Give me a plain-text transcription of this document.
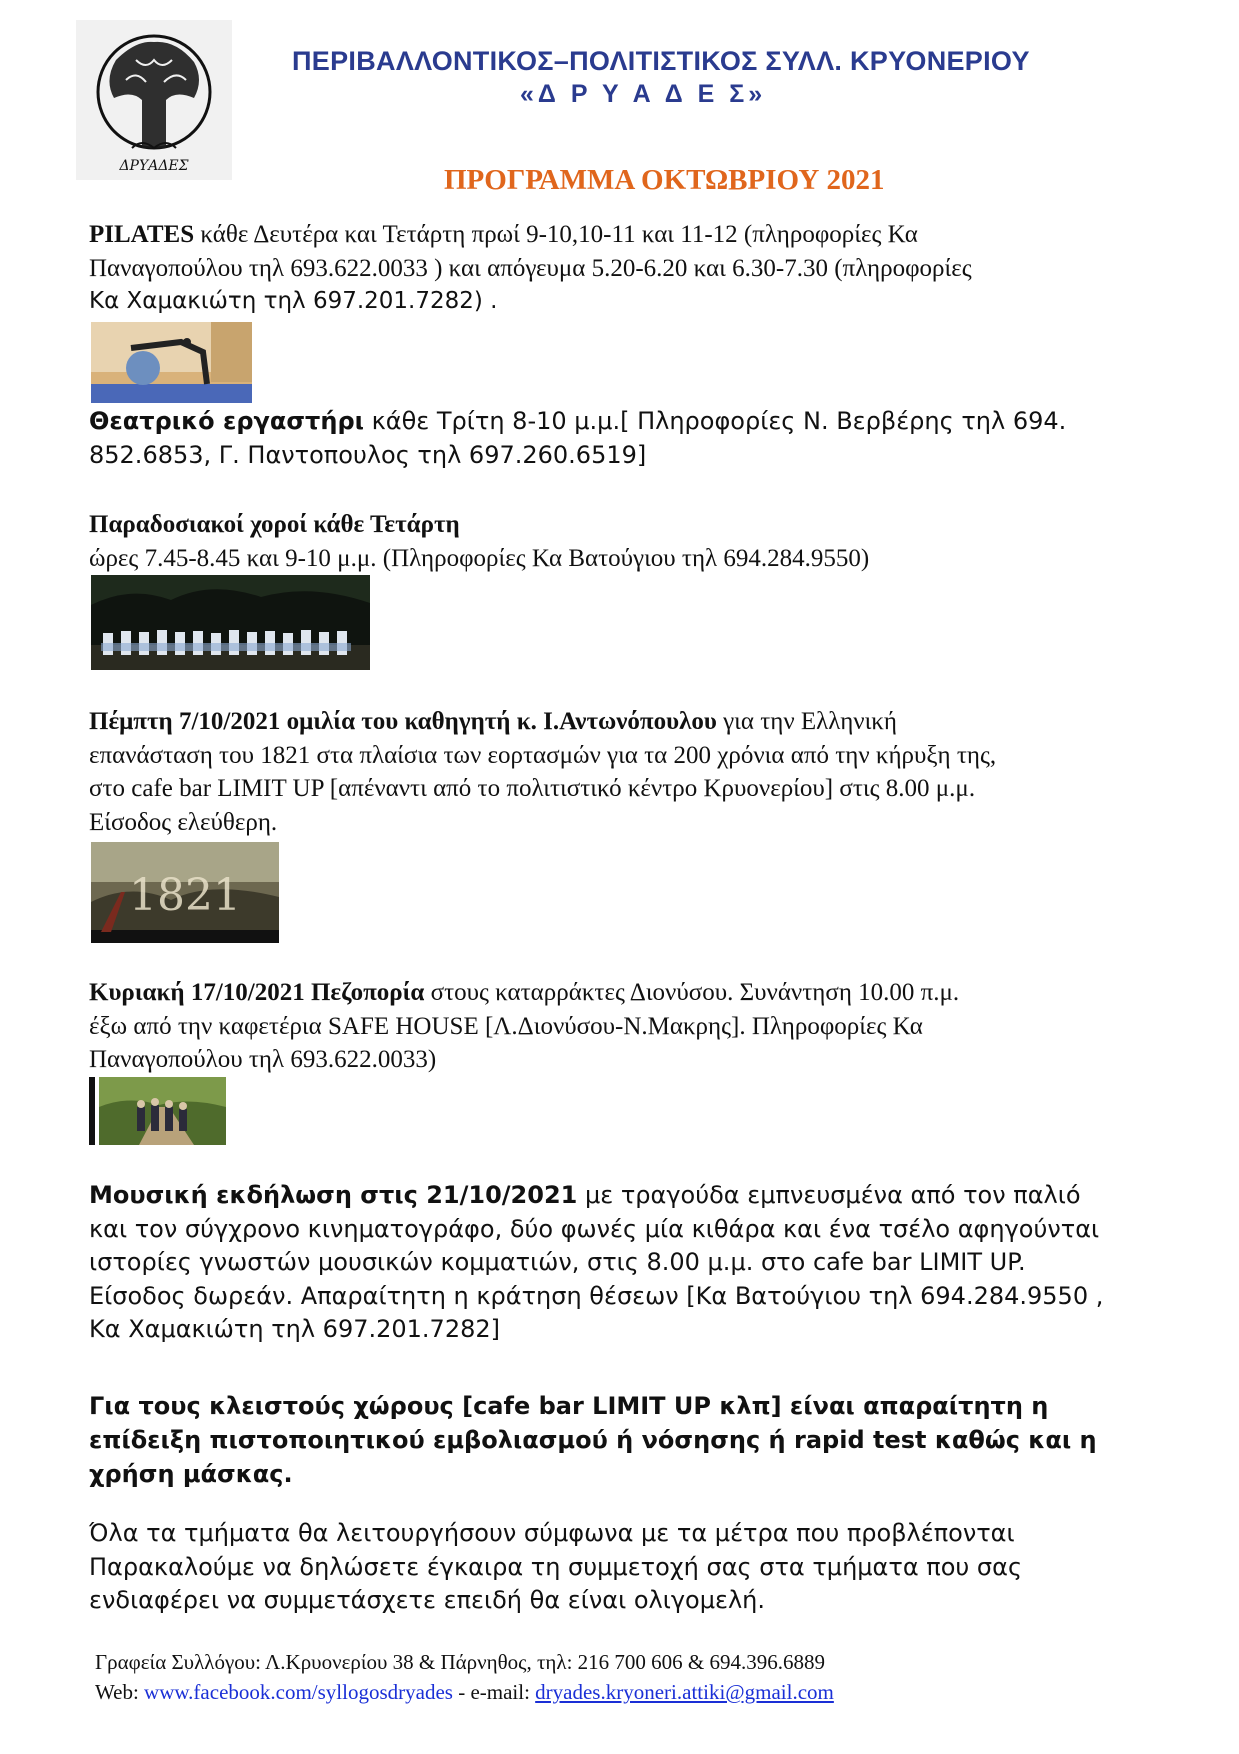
ΔΡΥΑΔΕΣ
ΠΕΡΙΒΑΛΛΟΝΤΙΚΟΣ–ΠΟΛΙΤΙΣΤΙΚΟΣ ΣΥΛΛ. ΚΡΥΟΝΕΡΙΟΥ
«Δ Ρ Υ Α Δ Ε Σ»
ΠΡΟΓΡΑΜΜΑ ΟΚΤΩΒΡΙΟΥ 2021
PILATES κάθε Δευτέρα και Τετάρτη πρωί 9-10,10-11 και 11-12 (πληροφορίες Κα
Παναγοπούλου τηλ 693.622.0033 ) και απόγευμα 5.20-6.20 και 6.30-7.30 (πληροφορίες
Κα Χαμακιώτη τηλ 697.201.7282) .
Θεατρικό εργαστήρι κάθε Τρίτη 8-10 μ.μ.[ Πληροφορίες Ν. Βερβέρης τηλ 694.
852.6853, Γ. Παντοπουλος τηλ 697.260.6519]
Παραδοσιακοί χοροί κάθε Τετάρτη
ώρες 7.45-8.45 και 9-10 μ.μ. (Πληροφορίες Κα Βατούγιου τηλ 694.284.9550)
Πέμπτη 7/10/2021 ομιλία του καθηγητή κ. Ι.Αντωνόπουλου για την Ελληνική
επανάσταση του 1821 στα πλαίσια των εορτασμών για τα 200 χρόνια από την κήρυξη της,
στο cafe bar LIMIT UP [απέναντι από το πολιτιστικό κέντρο Κρυονερίου] στις 8.00 μ.μ.
Είσοδος ελεύθερη.
1821
Κυριακή 17/10/2021 Πεζοπορία στους καταρράκτες Διονύσου. Συνάντηση 10.00 π.μ.
έξω από την καφετέρια SAFE HOUSE [Λ.Διονύσου-Ν.Μακρης]. Πληροφορίες Κα
Παναγοπούλου τηλ 693.622.0033)
Μουσική εκδήλωση στις 21/10/2021 με τραγούδα εμπνευσμένα από τον παλιό
και τον σύγχρονο κινηματογράφο, δύο φωνές μία κιθάρα και ένα τσέλο αφηγούνται
ιστορίες γνωστών μουσικών κομματιών, στις 8.00 μ.μ. στο cafe bar LIMIT UP.
Είσοδος δωρεάν. Απαραίτητη η κράτηση θέσεων [Κα Βατούγιου τηλ 694.284.9550 ,
Κα Χαμακιώτη τηλ 697.201.7282]
Για τους κλειστούς χώρους [cafe bar LIMIT UP κλπ] είναι απαραίτητη η
επίδειξη πιστοποιητικού εμβολιασμού ή νόσησης ή rapid test καθώς και η
χρήση μάσκας.
Όλα τα τμήματα θα λειτουργήσουν σύμφωνα με τα μέτρα που προβλέπονται
Παρακαλούμε να δηλώσετε έγκαιρα τη συμμετοχή σας στα τμήματα που σας
ενδιαφέρει να συμμετάσχετε επειδή θα είναι ολιγομελή.
Γραφεία Συλλόγου: Λ.Κρυονερίου 38 & Πάρνηθος, τηλ: 216 700 606 & 694.396.6889
Web: www.facebook.com/syllogosdryades - e-mail: dryades.kryoneri.attiki@gmail.com
